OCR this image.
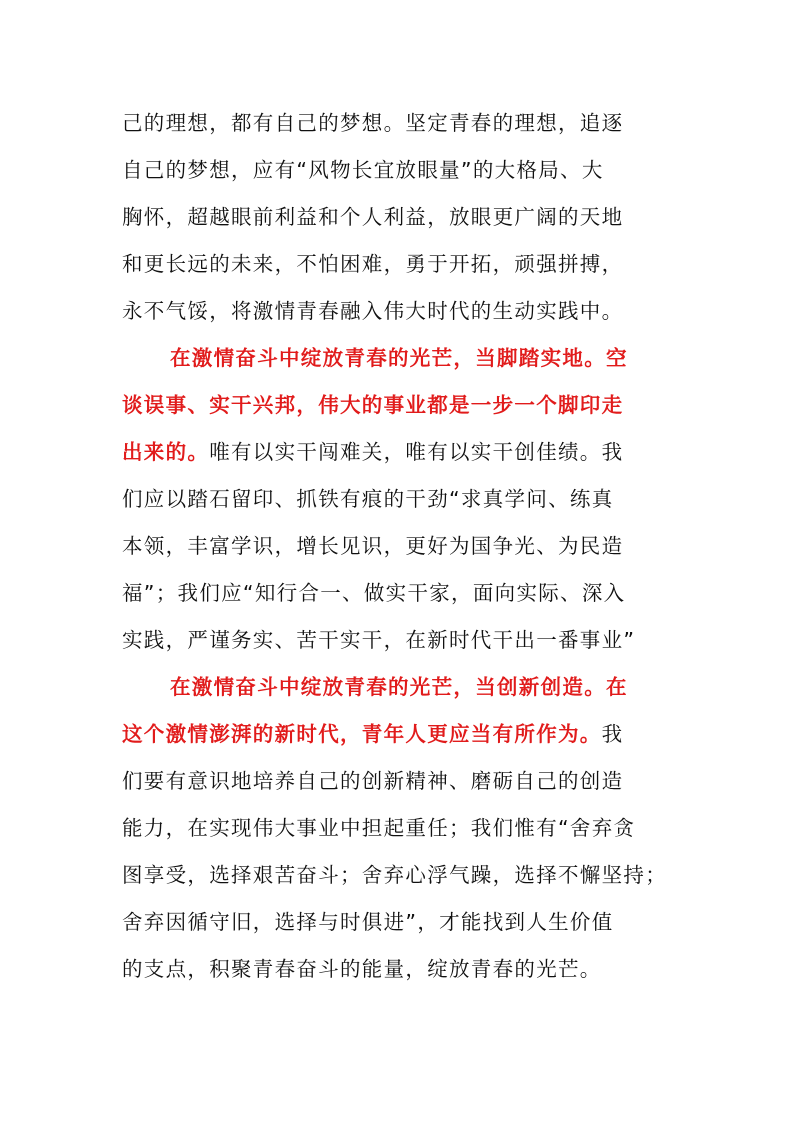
己的理想，都有自己的梦想。坚定青春的理想，追逐
自己的梦想，应有“风物长宜放眼量”的大格局、大
胸怀，超越眼前利益和个人利益，放眼更广阔的天地
和更长远的未来，不怕困难，勇于开拓，顽强拼搏，
永不气馁，将激情青春融入伟大时代的生动实践中。
在激情奋斗中绽放青春的光芒，当脚踏实地。空
谈误事、实干兴邦，伟大的事业都是一步一个脚印走
出来的。唯有以实干闯难关，唯有以实干创佳绩。我
们应以踏石留印、抓铁有痕的干劲“求真学问、练真
本领，丰富学识，增长见识，更好为国争光、为民造
福”；我们应“知行合一、做实干家，面向实际、深入
实践，严谨务实、苦干实干，在新时代干出一番事业”
在激情奋斗中绽放青春的光芒，当创新创造。在
这个激情澎湃的新时代，青年人更应当有所作为。我
们要有意识地培养自己的创新精神、磨砺自己的创造
能力，在实现伟大事业中担起重任；我们惟有“舍弃贪
图享受，选择艰苦奋斗；舍弃心浮气躁，选择不懈坚持；
舍弃因循守旧，选择与时俱进”，才能找到人生价值
的支点，积聚青春奋斗的能量，绽放青春的光芒。
